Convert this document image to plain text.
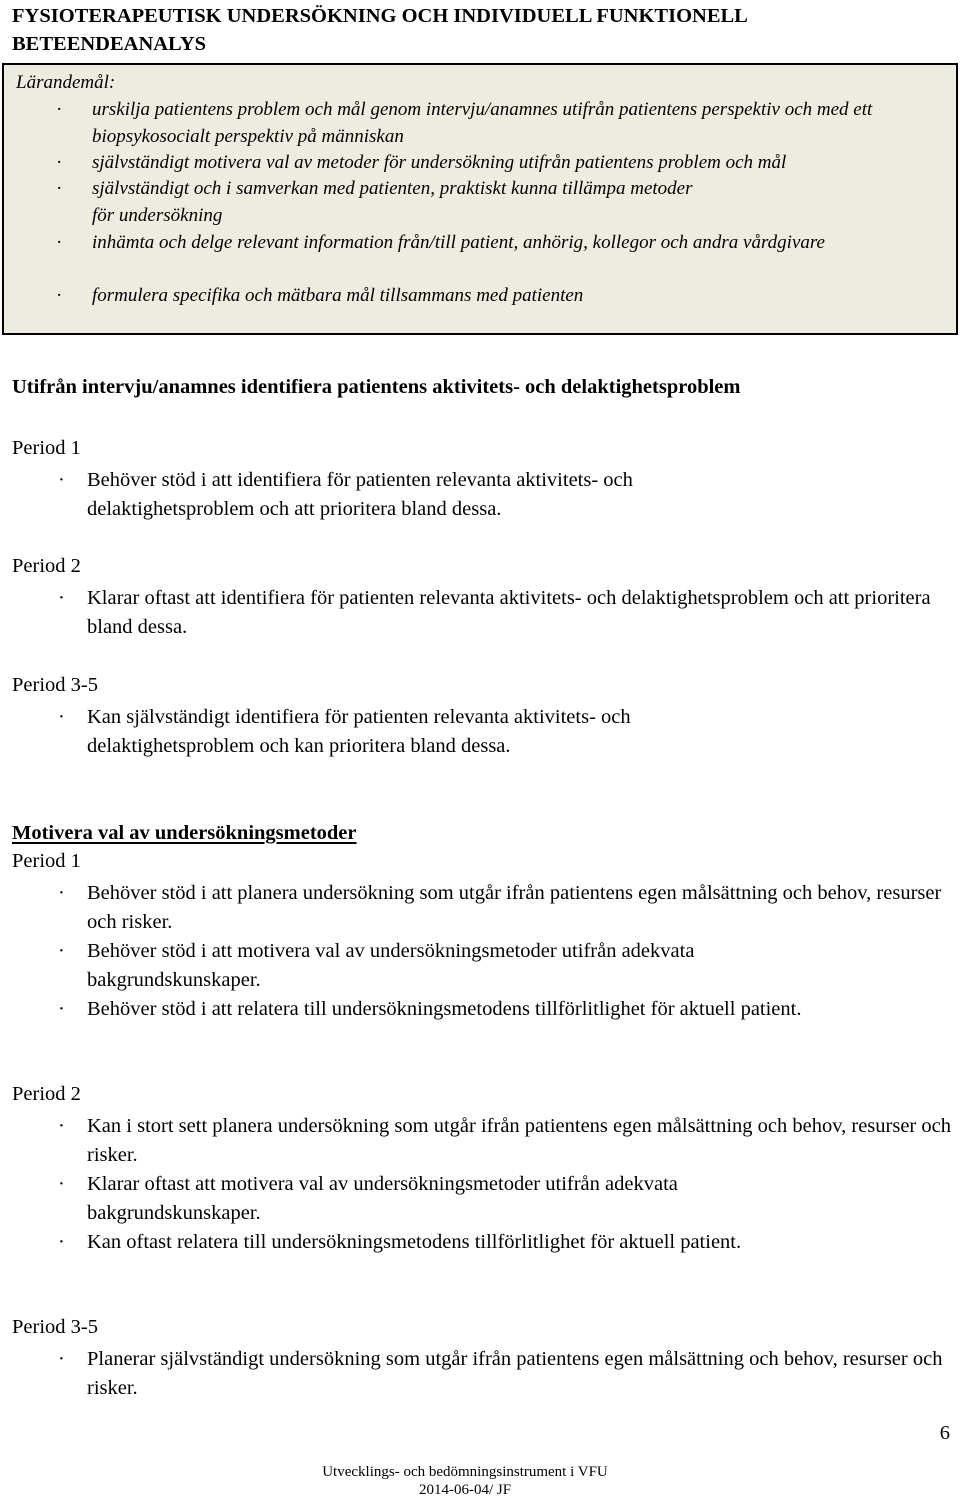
FYSIOTERAPEUTISK UNDERSÖKNING OCH INDIVIDUELL FUNKTIONELL BETEENDEANALYS
Lärandemål:
· urskilja patientens problem och mål genom intervju/anamnes utifrån patientens perspektiv och med ett biopsykosocialt perspektiv på människan
· självständigt motivera val av metoder för undersökning utifrån patientens problem och mål
· självständigt och i samverkan med patienten, praktiskt kunna tillämpa metoder för undersökning
· inhämta och delge relevant information från/till patient, anhörig, kollegor och andra vårdgivare
· formulera specifika och mätbara mål tillsammans med patienten

Utifrån intervju/anamnes identifiera patientens aktivitets- och delaktighetsproblem

Period 1

· Behöver stöd i att identifiera för patienten relevanta aktivitets- och delaktighetsproblem och att prioritera bland dessa.

Period 2

· Klarar oftast att identifiera för patienten relevanta aktivitets- och delaktighetsproblem och att prioritera bland dessa.

Period 3-5

· Kan självständigt identifiera för patienten relevanta aktivitets- och delaktighetsproblem och kan prioritera bland dessa.

Motivera val av undersökningsmetoder

Period 1

· Behöver stöd i att planera undersökning som utgår ifrån patientens egen målsättning och behov, resurser och risker.
· Behöver stöd i att motivera val av undersökningsmetoder utifrån adekvata bakgrundskunskaper.
· Behöver stöd i att relatera till undersökningsmetodens tillförlitlighet för aktuell patient.

Period 2

· Kan i stort sett planera undersökning som utgår ifrån patientens egen målsättning och behov, resurser och risker.
· Klarar oftast att motivera val av undersökningsmetoder utifrån adekvata bakgrundskunskaper.
· Kan oftast relatera till undersökningsmetodens tillförlitlighet för aktuell patient.

Period 3-5

· Planerar självständigt undersökning som utgår ifrån patientens egen målsättning och behov, resurser och risker.
6
Utvecklings- och bedömningsinstrument i VFU
2014-06-04/ JF
